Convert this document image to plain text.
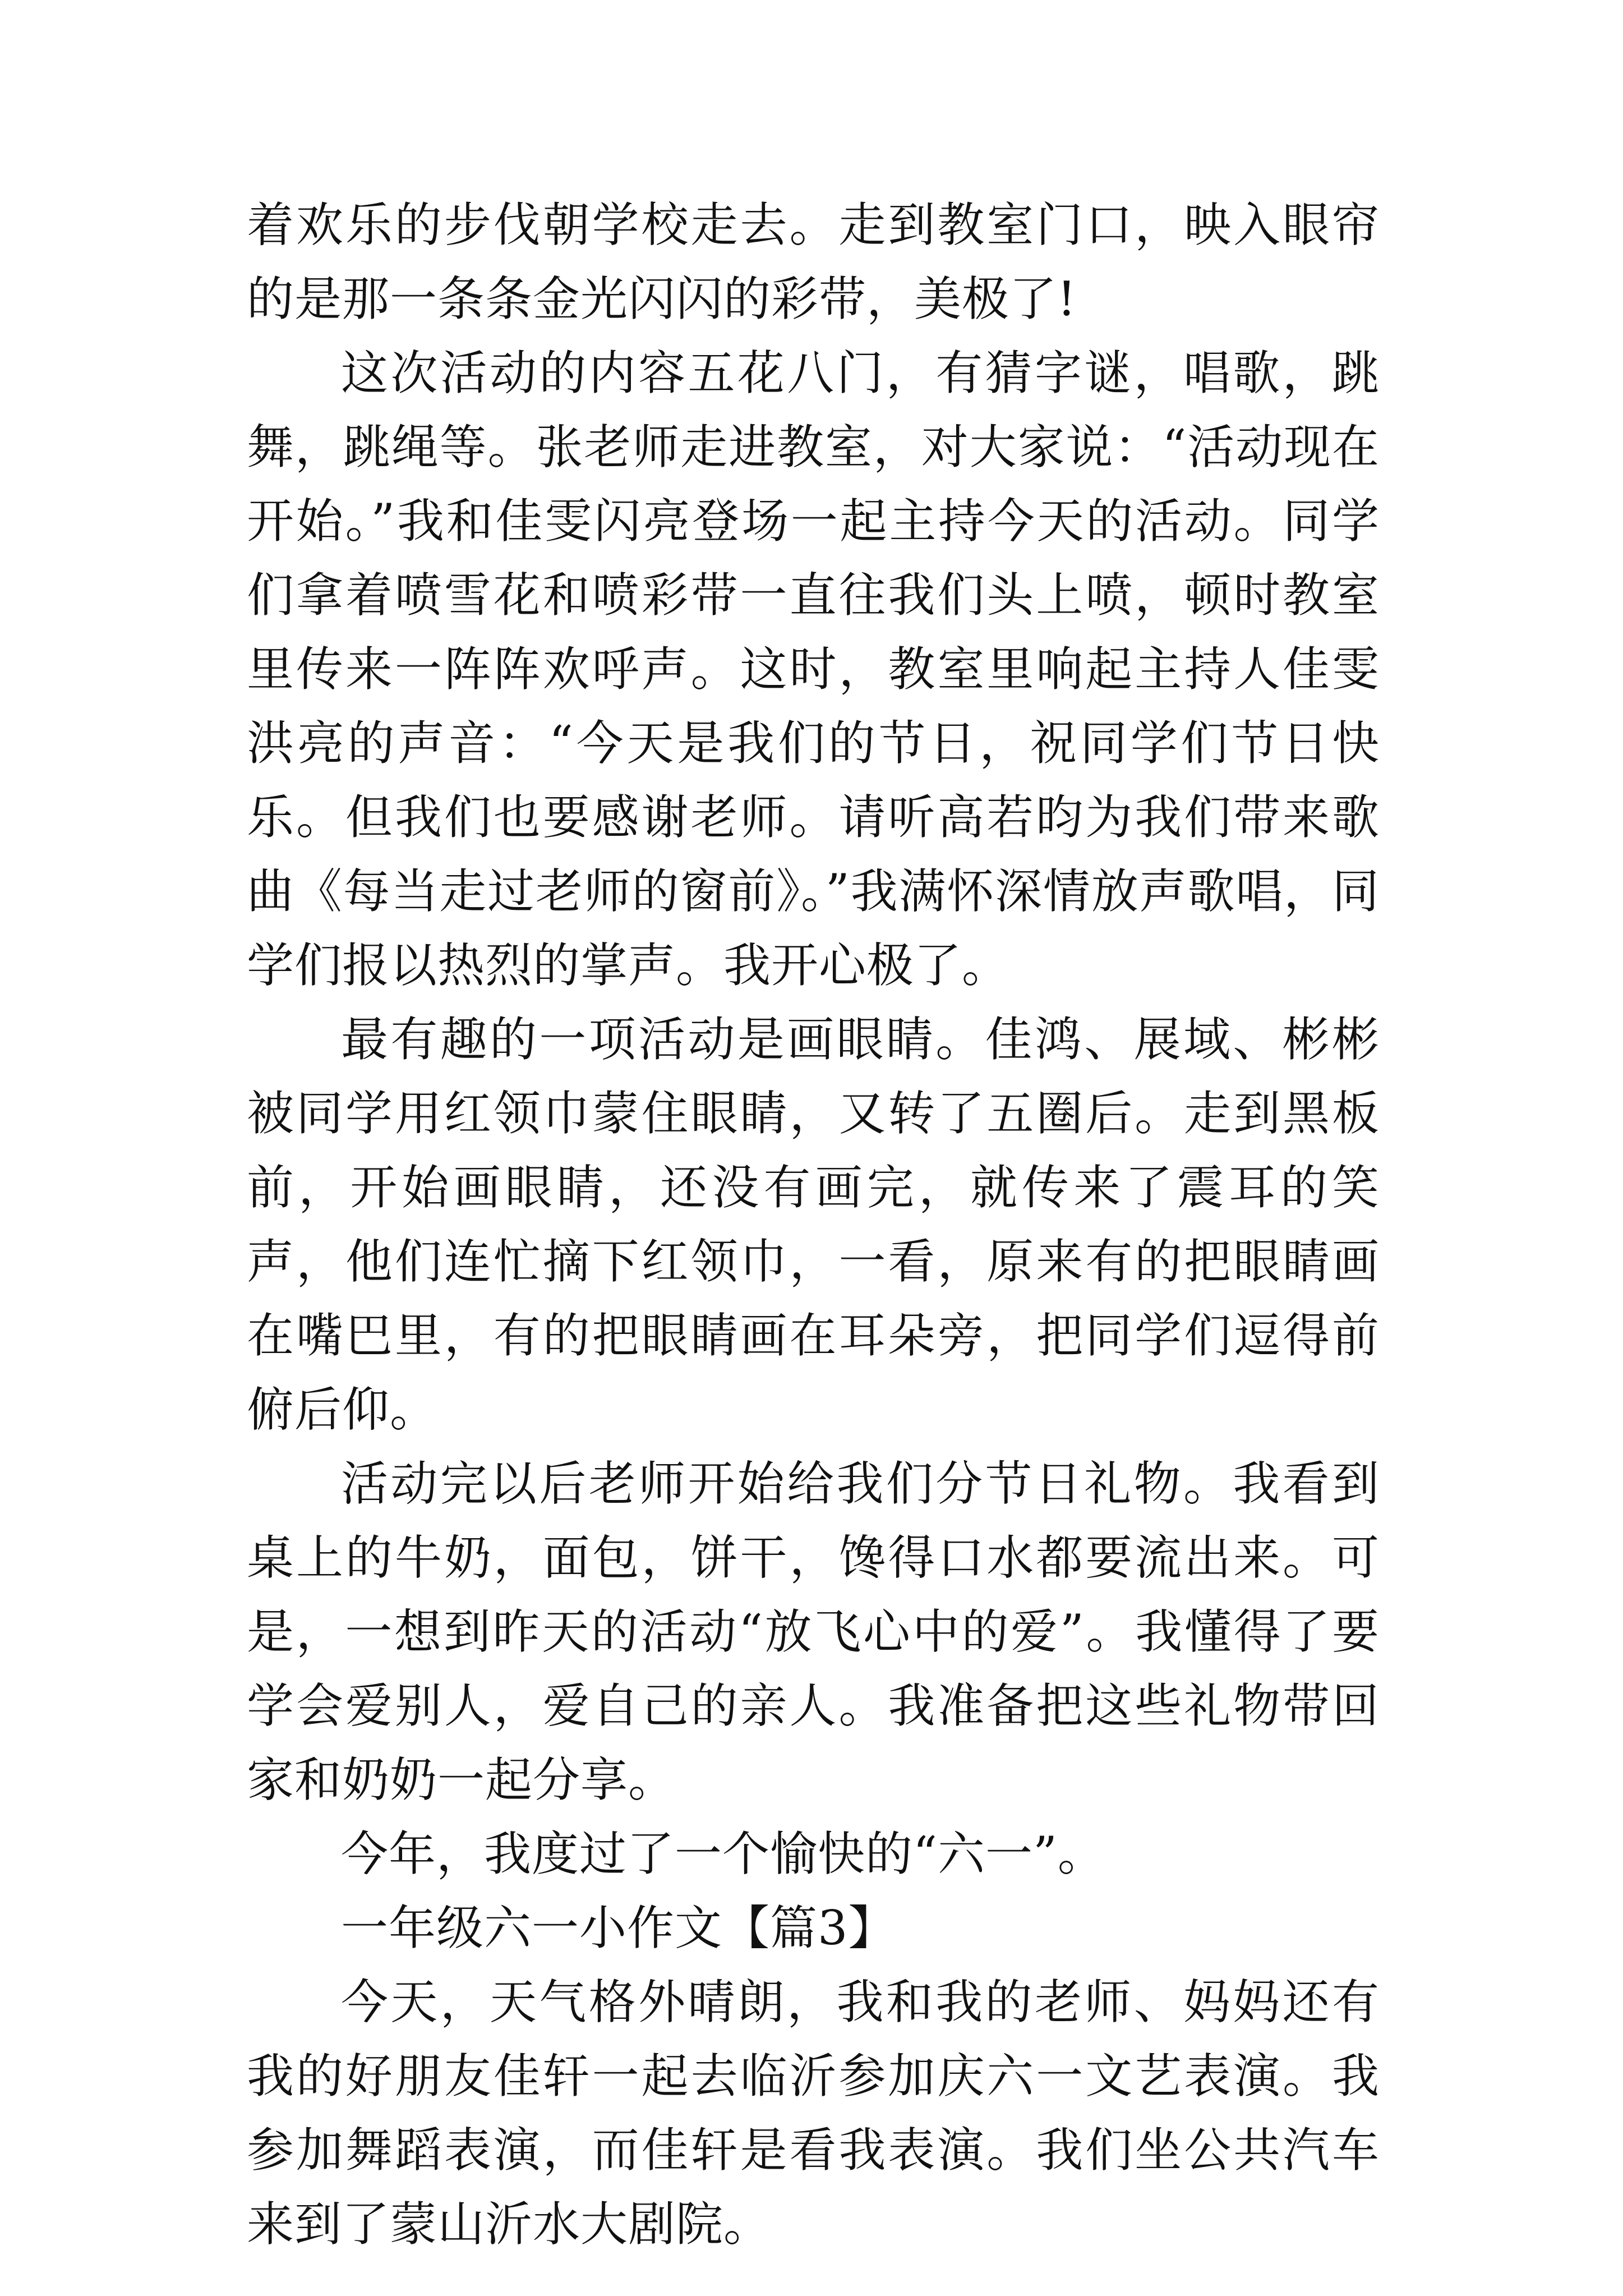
着欢乐的步伐朝学校走去。走到教室门口，映入眼帘的是那一条条金光闪闪的彩带，美极了!

这次活动的内容五花八门，有猜字谜，唱歌，跳舞，跳绳等。张老师走进教室，对大家说：“活动现在开始。”我和佳雯闪亮登场一起主持今天的活动。同学们拿着喷雪花和喷彩带一直往我们头上喷，顿时教室里传来一阵阵欢呼声。这时，教室里响起主持人佳雯洪亮的声音：“今天是我们的节日，祝同学们节日快乐。但我们也要感谢老师。请听高若昀为我们带来歌曲《每当走过老师的窗前》。”我满怀深情放声歌唱，同学们报以热烈的掌声。我开心极了。

最有趣的一项活动是画眼睛。佳鸿、展域、彬彬被同学用红领巾蒙住眼睛，又转了五圈后。走到黑板前，开始画眼睛，还没有画完，就传来了震耳的笑声，他们连忙摘下红领巾，一看，原来有的把眼睛画在嘴巴里，有的把眼睛画在耳朵旁，把同学们逗得前俯后仰。

活动完以后老师开始给我们分节日礼物。我看到桌上的牛奶，面包，饼干，馋得口水都要流出来。可是，一想到昨天的活动“放飞心中的爱”。我懂得了要学会爱别人，爱自己的亲人。我准备把这些礼物带回家和奶奶一起分享。

今年，我度过了一个愉快的“六一”。

一年级六一小作文【篇3】

今天，天气格外晴朗，我和我的老师、妈妈还有我的好朋友佳轩一起去临沂参加庆六一文艺表演。我参加舞蹈表演，而佳轩是看我表演。我们坐公共汽车来到了蒙山沂水大剧院。
